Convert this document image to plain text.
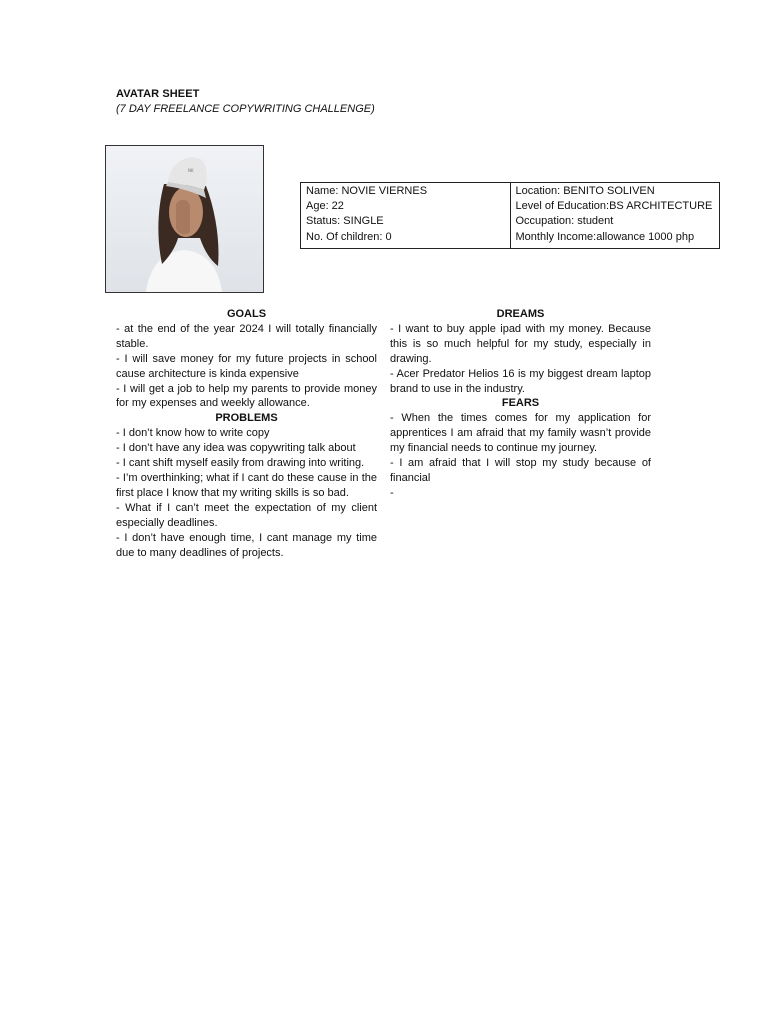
AVATAR SHEET
(7 DAY FREELANCE COPYWRITING CHALLENGE)
NK
Name: NOVIE VIERNES
Age: 22
Status: SINGLE
No. Of children: 0

Location: BENITO SOLIVEN
Level of Education:BS ARCHITECTURE
Occupation: student
Monthly Income:allowance 1000 php
GOALS
- at the end of the year 2024 I will totally financially stable.
- I will save money for my future projects in school cause architecture is kinda expensive
- I will get a job to help my parents to provide money for my expenses and weekly allowance.
PROBLEMS
- I don’t know how to write copy
- I don’t have any idea was copywriting talk about
- I cant shift myself easily from drawing into writing.
- I’m overthinking; what if I cant do these cause in the first place I know that my writing skills is so bad.
- What if I can’t meet the expectation of my client especially deadlines.
- I don’t have enough time, I cant manage my time due to many deadlines of projects.
DREAMS
- I want to buy apple ipad with my money. Because this is so much helpful for my study, especially in drawing.
- Acer Predator Helios 16 is my biggest dream laptop brand to use in the industry.
FEARS
- When the times comes for my application for apprentices I am afraid that my family wasn’t provide my financial needs to continue my journey.
- I am afraid that I will stop my study because of financial
-
